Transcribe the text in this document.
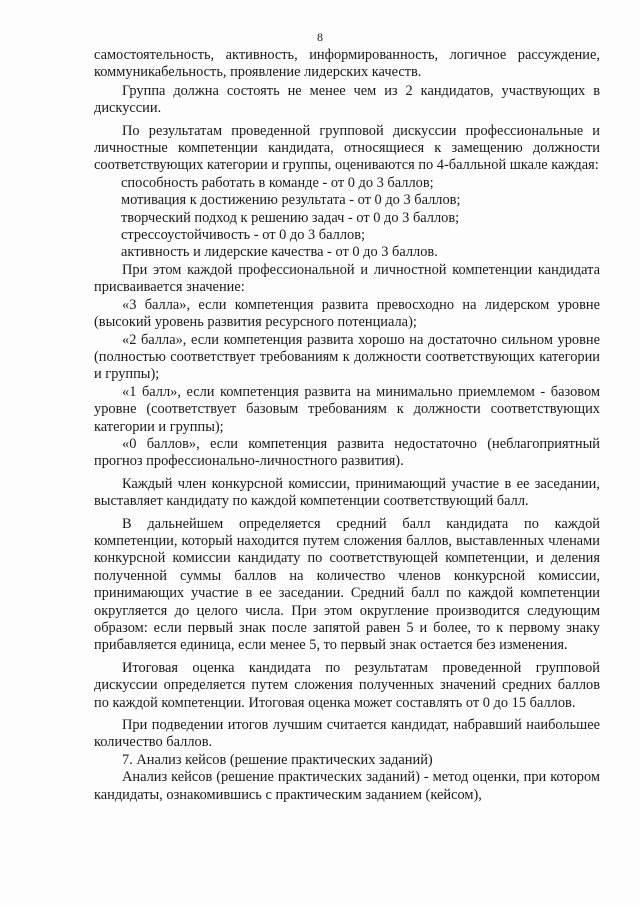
8

самостоятельность, активность, информированность, логичное рассуждение, коммуникабельность, проявление лидерских качеств.

Группа должна состоять не менее чем из 2 кандидатов, участвующих в дискуссии.

По результатам проведенной групповой дискуссии профессиональные и личностные компетенции кандидата, относящиеся к замещению должности соответствующих категории и группы, оцениваются по 4-балльной шкале каждая:

способность работать в команде - от 0 до 3 баллов;

мотивация к достижению результата - от 0 до 3 баллов;

творческий подход к решению задач - от 0 до 3 баллов;

стрессоустойчивость - от 0 до 3 баллов;

активность и лидерские качества - от 0 до 3 баллов.

При этом каждой профессиональной и личностной компетенции кандидата присваивается значение:

«3 балла», если компетенция развита превосходно на лидерском уровне (высокий уровень развития ресурсного потенциала);

«2 балла», если компетенция развита хорошо на достаточно сильном уровне (полностью соответствует требованиям к должности соответствующих категории и группы);

«1 балл», если компетенция развита на минимально приемлемом - базовом уровне (соответствует базовым требованиям к должности соответствующих категории и группы);

«0 баллов», если компетенция развита недостаточно (неблагоприятный прогноз профессионально-личностного развития).

Каждый член конкурсной комиссии, принимающий участие в ее заседании, выставляет кандидату по каждой компетенции соответствующий балл.

В дальнейшем определяется средний балл кандидата по каждой компетенции, который находится путем сложения баллов, выставленных членами конкурсной комиссии кандидату по соответствующей компетенции, и деления полученной суммы баллов на количество членов конкурсной комиссии, принимающих участие в ее заседании. Средний балл по каждой компетенции округляется до целого числа. При этом округление производится следующим образом: если первый знак после запятой равен 5 и более, то к первому знаку прибавляется единица, если менее 5, то первый знак остается без изменения.

Итоговая оценка кандидата по результатам проведенной групповой дискуссии определяется путем сложения полученных значений средних баллов по каждой компетенции. Итоговая оценка может составлять от 0 до 15 баллов.

При подведении итогов лучшим считается кандидат, набравший наибольшее количество баллов.

7. Анализ кейсов (решение практических заданий)

Анализ кейсов (решение практических заданий) - метод оценки, при котором кандидаты, ознакомившись с практическим заданием (кейсом),
